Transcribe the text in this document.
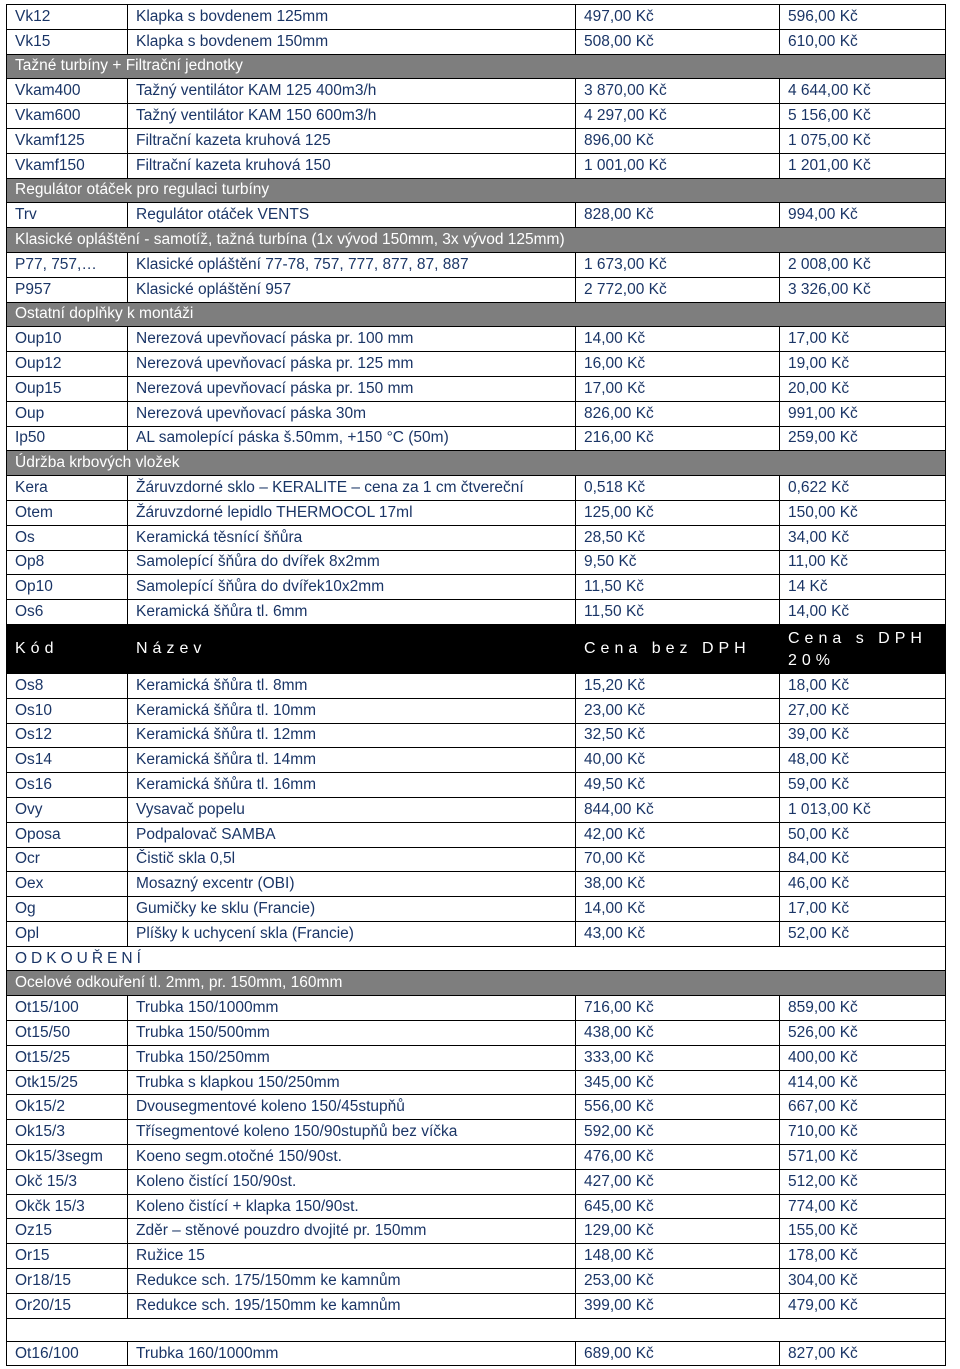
Vk12	Klapka s bovdenem 125mm	497,00 Kč	596,00 Kč
Vk15	Klapka s bovdenem 150mm	508,00 Kč	610,00 Kč
Tažné turbíny + Filtrační jednotky			
Vkam400	Tažný ventilátor KAM 125 400m3/h	3 870,00 Kč	4 644,00 Kč
Vkam600	Tažný ventilátor KAM 150 600m3/h	4 297,00 Kč	5 156,00 Kč
Vkamf125	Filtrační kazeta kruhová 125	896,00 Kč	1 075,00 Kč
Vkamf150	Filtrační kazeta kruhová 150	1 001,00 Kč	1 201,00 Kč
Regulátor otáček pro regulaci turbíny			
Trv	Regulátor otáček VENTS	828,00 Kč	994,00 Kč
Klasické opláštění - samotíž, tažná turbína (1x vývod 150mm, 3x vývod 125mm)			
P77, 757,…	Klasické opláštění 77-78, 757, 777, 877, 87, 887	1 673,00 Kč	2 008,00 Kč
P957	Klasické opláštění 957	2 772,00 Kč	3 326,00 Kč
Ostatní doplňky k montáži			
Oup10	Nerezová upevňovací páska pr. 100 mm	14,00 Kč	17,00 Kč
Oup12	Nerezová upevňovací páska pr. 125 mm	16,00 Kč	19,00 Kč
Oup15	Nerezová upevňovací páska pr. 150 mm	17,00 Kč	20,00 Kč
Oup	Nerezová upevňovací páska 30m	826,00 Kč	991,00 Kč
Ip50	AL samolepící páska š.50mm, +150 °C (50m)	216,00 Kč	259,00 Kč
Údržba krbových vložek			
Kera	Žáruvzdorné sklo – KERALITE – cena za 1 cm čtvereční	0,518 Kč	0,622 Kč
Otem	Žáruvzdorné lepidlo THERMOCOL 17ml	125,00 Kč	150,00 Kč
Os	Keramická těsnící šňůra	28,50 Kč	34,00 Kč
Op8	Samolepící šňůra do dvířek 8x2mm	9,50 Kč	11,00 Kč
Op10	Samolepící šňůra do dvířek10x2mm	11,50 Kč	14 Kč
Os6	Keramická šňůra tl. 6mm	11,50 Kč	14,00 Kč
Kód	Název	Cena bez DPH	Cena s DPH
20%

Os8	Keramická šňůra tl. 8mm	15,20 Kč	18,00 Kč
Os10	Keramická šňůra tl. 10mm	23,00 Kč	27,00 Kč
Os12	Keramická šňůra tl. 12mm	32,50 Kč	39,00 Kč
Os14	Keramická šňůra tl. 14mm	40,00 Kč	48,00 Kč
Os16	Keramická šňůra tl. 16mm	49,50 Kč	59,00 Kč
Ovy	Vysavač popelu	844,00 Kč	1 013,00 Kč
Oposa	Podpalovač SAMBA	42,00 Kč	50,00 Kč
Ocr	Čistič skla 0,5l	70,00 Kč	84,00 Kč
Oex	Mosazný excentr (OBI)	38,00 Kč	46,00 Kč
Og	Gumičky ke sklu (Francie)	14,00 Kč	17,00 Kč
Opl	Plíšky k uchycení skla (Francie)	43,00 Kč	52,00 Kč
ODKOUŘENÍ			
Ocelové odkouření tl. 2mm, pr. 150mm, 160mm			
Ot15/100	Trubka 150/1000mm	716,00 Kč	859,00 Kč
Ot15/50	Trubka 150/500mm	438,00 Kč	526,00 Kč
Ot15/25	Trubka 150/250mm	333,00 Kč	400,00 Kč
Otk15/25	Trubka s klapkou 150/250mm	345,00 Kč	414,00 Kč
Ok15/2	Dvousegmentové koleno 150/45stupňů	556,00 Kč	667,00 Kč
Ok15/3	Třísegmentové koleno 150/90stupňů bez víčka	592,00 Kč	710,00 Kč
Ok15/3segm	Koeno segm.otočné 150/90st.	476,00 Kč	571,00 Kč
Okč 15/3	Koleno čistící 150/90st.	427,00 Kč	512,00 Kč
Okčk 15/3	Koleno čistící + klapka 150/90st.	645,00 Kč	774,00 Kč
Oz15	Zděr – stěnové pouzdro dvojité pr. 150mm	129,00 Kč	155,00 Kč
Or15	Ružice 15	148,00 Kč	178,00 Kč
Or18/15	Redukce sch. 175/150mm ke kamnům	253,00 Kč	304,00 Kč
Or20/15	Redukce sch. 195/150mm ke kamnům	399,00 Kč	479,00 Kč

Ot16/100	Trubka 160/1000mm	689,00 Kč	827,00 Kč
